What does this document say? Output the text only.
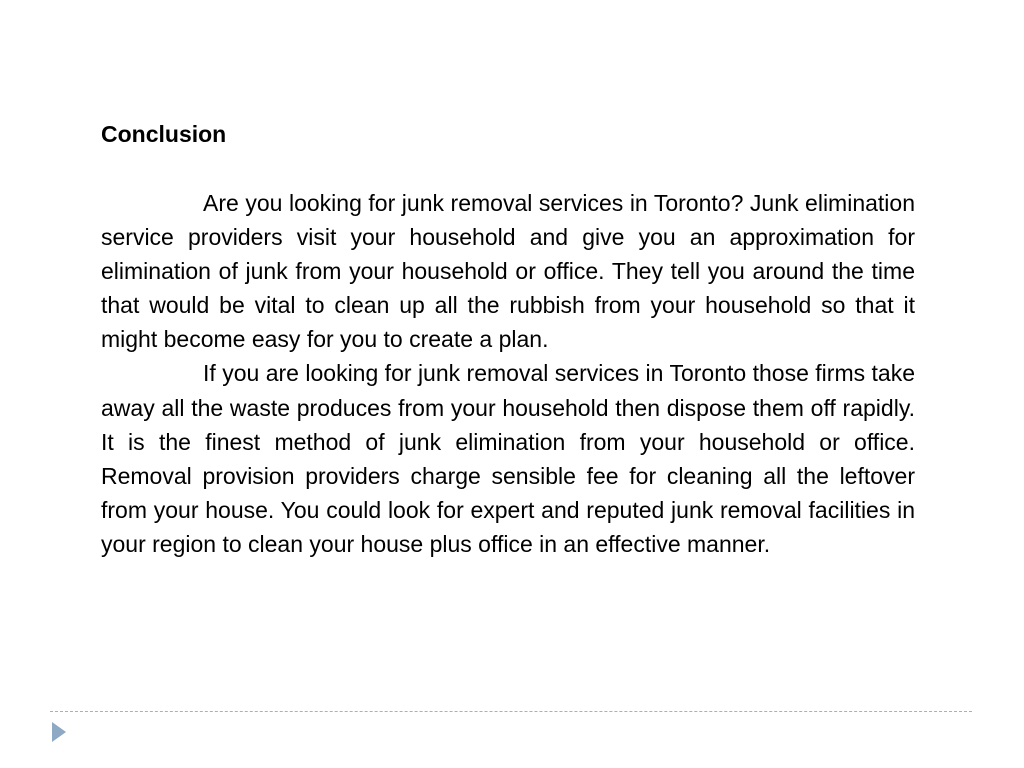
Conclusion

Are you looking for junk removal services in Toronto? Junk elimination service providers visit your household and give you an approximation for elimination of junk from your household or office. They tell you around the time that would be vital to clean up all the rubbish from your household so that it might become easy for you to create a plan.

If you are looking for junk removal services in Toronto those firms take away all the waste produces from your household then dispose them off rapidly. It is the finest method of junk elimination from your household or office. Removal provision providers charge sensible fee for cleaning all the leftover from your house. You could look for expert and reputed junk removal facilities in your region to clean your house plus office in an effective manner.
